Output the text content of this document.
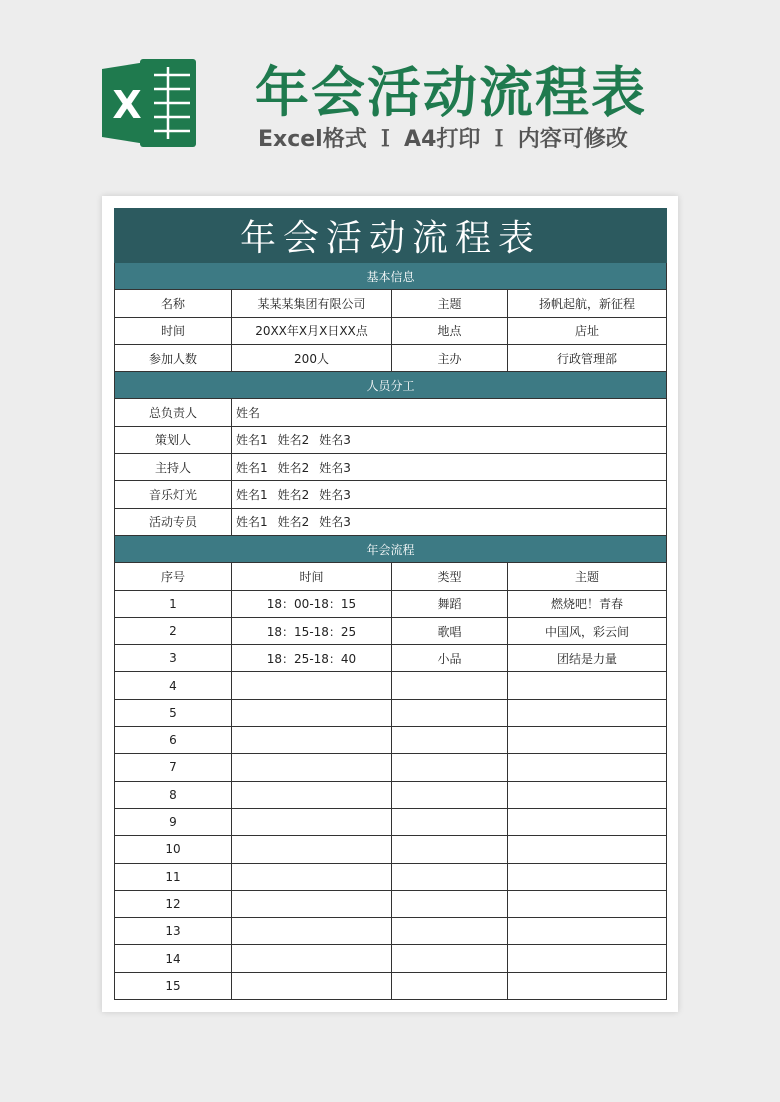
X 年会活动流程表
Excel格式 Ｉ A4打印 Ｉ 内容可修改
年会活动流程表
基本信息
名称	某某某集团有限公司	主题	扬帆起航，新征程
时间	20XX年X月X日XX点	地点	店址
参加人数	200人	主办	行政管理部
人员分工
总负责人	姓名
策划人	姓名1 姓名2 姓名3
主持人	姓名1 姓名2 姓名3
音乐灯光	姓名1 姓名2 姓名3
活动专员	姓名1 姓名2 姓名3
年会流程
序号	时间	类型	主题
1	18：00-18：15	舞蹈	燃烧吧！青春
2	18：15-18：25	歌唱	中国风，彩云间
3	18：25-18：40	小品	团结是力量
4
5
6
7
8
9
10
11
12
13
14
15
